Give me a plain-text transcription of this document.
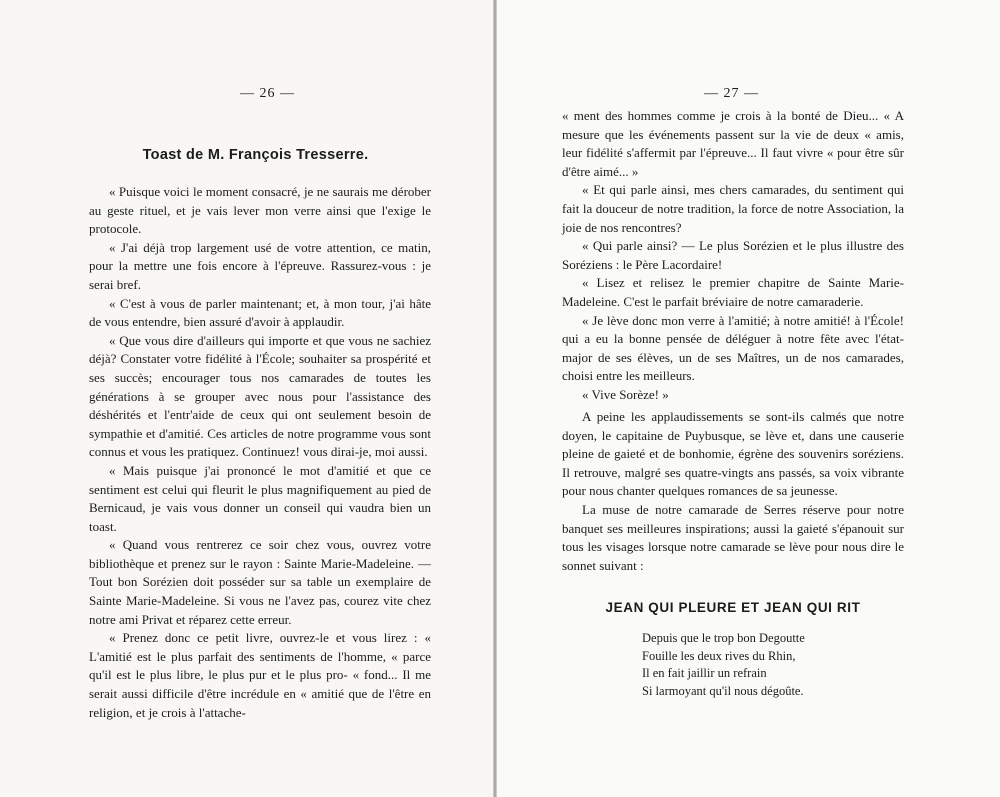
— 26 —
Toast de M. François Tresserre.

« Puisque voici le moment consacré, je ne saurais me dérober au geste rituel, et je vais lever mon verre ainsi que l'exige le protocole.

« J'ai déjà trop largement usé de votre attention, ce matin, pour la mettre une fois encore à l'épreuve. Rassurez-vous : je serai bref.

« C'est à vous de parler maintenant; et, à mon tour, j'ai hâte de vous entendre, bien assuré d'avoir à applaudir.

« Que vous dire d'ailleurs qui importe et que vous ne sachiez déjà? Constater votre fidélité à l'École; souhaiter sa prospérité et ses succès; encourager tous nos camarades de toutes les générations à se grouper avec nous pour l'assistance des déshérités et l'entr'aide de ceux qui ont seulement besoin de sympathie et d'amitié. Ces articles de notre programme vous sont connus et vous les pratiquez. Continuez! vous dirai-je, moi aussi.

« Mais puisque j'ai prononcé le mot d'amitié et que ce sentiment est celui qui fleurit le plus magnifiquement au pied de Bernicaud, je vais vous donner un conseil qui vaudra bien un toast.

« Quand vous rentrerez ce soir chez vous, ouvrez votre bibliothèque et prenez sur le rayon : Sainte Marie-Madeleine. — Tout bon Sorézien doit posséder sur sa table un exemplaire de Sainte Marie-Madeleine. Si vous ne l'avez pas, courez vite chez notre ami Privat et réparez cette erreur.

« Prenez donc ce petit livre, ouvrez-le et vous lirez : « L'amitié est le plus parfait des sentiments de l'homme, « parce qu'il est le plus libre, le plus pur et le plus pro- « fond... Il me serait aussi difficile d'être incrédule en « amitié que de l'être en religion, et je crois à l'attache-

— 27 —

« ment des hommes comme je crois à la bonté de Dieu... « A mesure que les événements passent sur la vie de deux « amis, leur fidélité s'affermit par l'épreuve... Il faut vivre « pour être sûr d'être aimé... »

« Et qui parle ainsi, mes chers camarades, du sentiment qui fait la douceur de notre tradition, la force de notre Association, la joie de nos rencontres?

« Qui parle ainsi? — Le plus Sorézien et le plus illustre des Soréziens : le Père Lacordaire!

« Lisez et relisez le premier chapitre de Sainte Marie-Madeleine. C'est le parfait bréviaire de notre camaraderie.

« Je lève donc mon verre à l'amitié; à notre amitié! à l'École! qui a eu la bonne pensée de déléguer à notre fête avec l'état-major de ses élèves, un de ses Maîtres, un de nos camarades, choisi entre les meilleurs.

« Vive Sorèze! »

A peine les applaudissements se sont-ils calmés que notre doyen, le capitaine de Puybusque, se lève et, dans une causerie pleine de gaieté et de bonhomie, égrène des souvenirs soréziens. Il retrouve, malgré ses quatre-vingts ans passés, sa voix vibrante pour nous chanter quelques romances de sa jeunesse.

La muse de notre camarade de Serres réserve pour notre banquet ses meilleures inspirations; aussi la gaieté s'épanouit sur tous les visages lorsque notre camarade se lève pour nous dire le sonnet suivant :

JEAN QUI PLEURE ET JEAN QUI RIT
Depuis que le trop bon Degoutte
Fouille les deux rives du Rhin,
Il en fait jaillir un refrain
Si larmoyant qu'il nous dégoûte.
